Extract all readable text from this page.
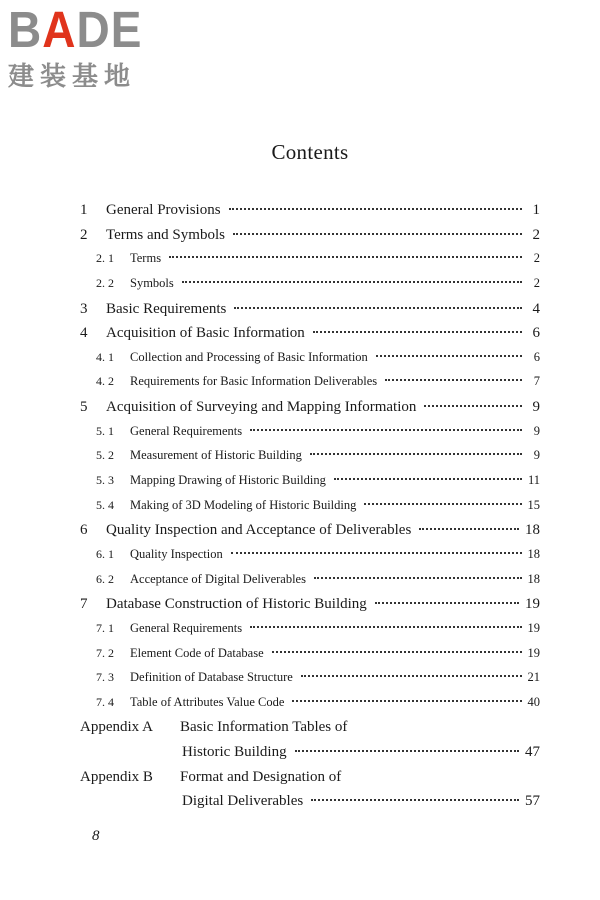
BADE
建装基地
Contents
1	General Provisions	1
2	Terms and Symbols	2
2. 1	Terms	2
2. 2	Symbols	2
3	Basic Requirements	4
4	Acquisition of Basic Information	6
4. 1	Collection and Processing of Basic Information	6
4. 2	Requirements for Basic Information Deliverables	7
5	Acquisition of Surveying and Mapping Information	9
5. 1	General Requirements	9
5. 2	Measurement of Historic Building	9
5. 3	Mapping Drawing of Historic Building	11
5. 4	Making of 3D Modeling of Historic Building	15
6	Quality Inspection and Acceptance of Deliverables	18
6. 1	Quality Inspection	18
6. 2	Acceptance of Digital Deliverables	18
7	Database Construction of Historic Building	19
7. 1	General Requirements	19
7. 2	Element Code of Database	19
7. 3	Definition of Database Structure	21
7. 4	Table of Attributes Value Code	40
Appendix A	Basic Information Tables of
Historic Building	47
Appendix B	Format and Designation of
Digital Deliverables	57
8
